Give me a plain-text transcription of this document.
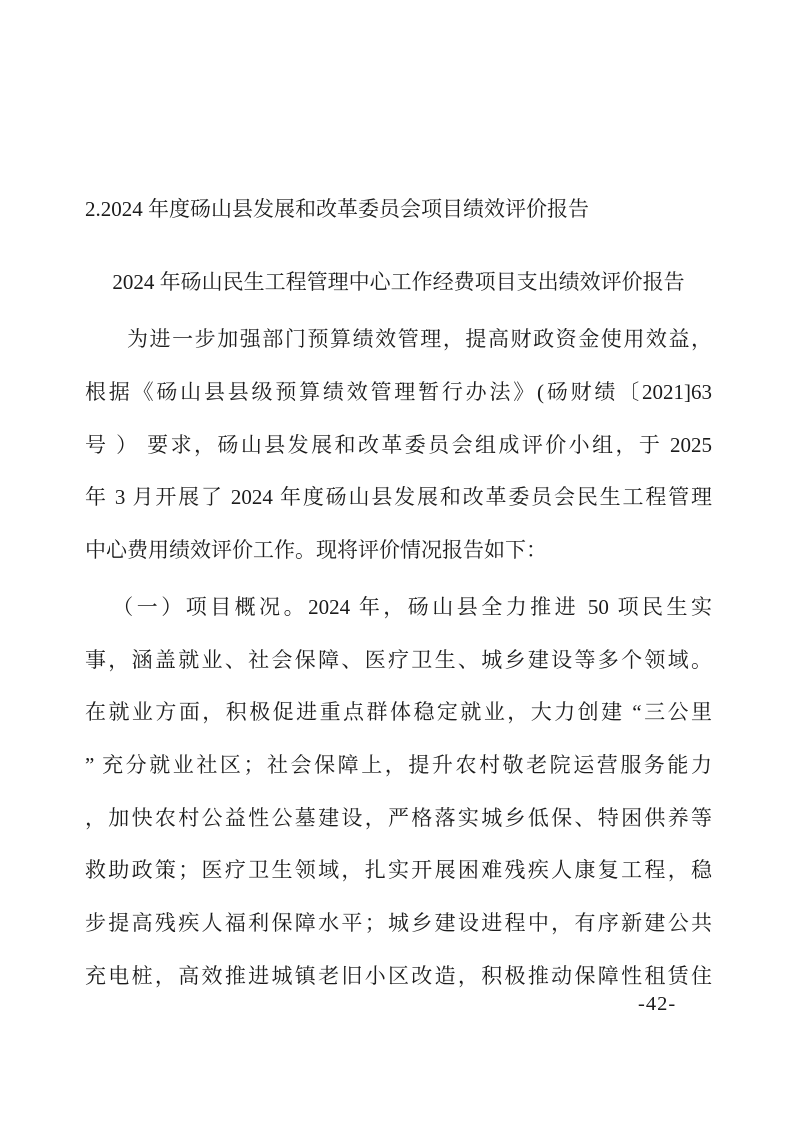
2.2024 年度砀山县发展和改革委员会项目绩效评价报告
2024 年砀山民生工程管理中心工作经费项目支出绩效评价报告
为进一步加强部门预算绩效管理，提高财政资金使用效益，
根据《砀山县县级预算绩效管理暂行办法》(砀财绩〔2021]63
号 ） 要求，砀山县发展和改革委员会组成评价小组，于 2025
年 3 月开展了 2024 年度砀山县发展和改革委员会民生工程管理
中心费用绩效评价工作。现将评价情况报告如下：
（一）项目概况。2024 年，砀山县全力推进 50 项民生实
事，涵盖就业、社会保障、医疗卫生、城乡建设等多个领域。
在就业方面，积极促进重点群体稳定就业，大力创建 “三公里
” 充分就业社区；社会保障上，提升农村敬老院运营服务能力
，加快农村公益性公墓建设，严格落实城乡低保、特困供养等
救助政策；医疗卫生领域，扎实开展困难残疾人康复工程，稳
步提高残疾人福利保障水平；城乡建设进程中，有序新建公共
充电桩，高效推进城镇老旧小区改造，积极推动保障性租赁住
-42-
